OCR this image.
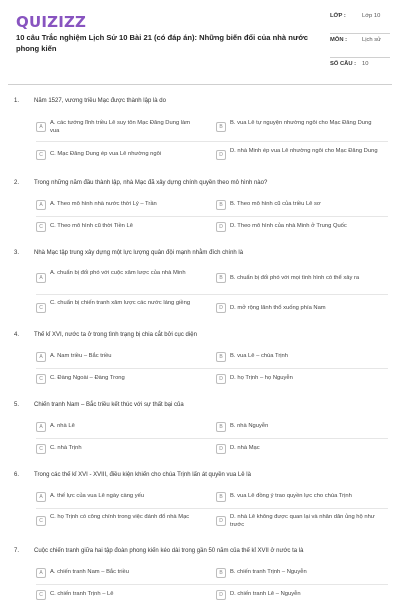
QUIZIZZ
10 câu Trắc nghiệm Lịch Sử 10 Bài 21 (có đáp án): Những biến đổi của nhà nước phong kiến
LỚP :	Lớp 10
MÔN :	Lịch sử
SỐ CÂU :	10
1. Năm 1527, vương triều Mạc được thành lập là do
A
A. các tướng lĩnh triều Lê suy tôn Mạc Đăng Dung làm vua
B
B. vua Lê tự nguyện nhường ngôi cho Mạc Đăng Dung
C	C. Mạc Đăng Dung ép vua Lê nhường ngôi	D
D. nhà Minh ép vua Lê nhường ngôi cho Mạc Đăng Dung
2. Trong những năm đầu thành lập, nhà Mạc đã xây dựng chính quyền theo mô hình nào?
A	A. Theo mô hình nhà nước thời Lý – Trần	B	B. Theo mô hình cũ của triều Lê sơ
C	C. Theo mô hình cũ thời Tiền Lê	D	D. Theo mô hình của nhà Minh ở Trung Quốc
3. Nhà Mạc tập trung xây dựng một lực lượng quân đội mạnh nhằm đích chính là
A
A. chuẩn bị đối phó với cuộc xâm lược của nhà Minh
B	B. chuẩn bị đối phó với mọi tình hình có thể xảy ra
C
C. chuẩn bị chiến tranh xâm lược các nước láng giềng
D	D. mở rộng lãnh thổ xuống phía Nam
4. Thế kỉ XVI, nước ta ở trong tình trạng bị chia cắt bởi cục diện
A	A. Nam triều – Bắc triều	B	B. vua Lê – chúa Trịnh
C	C. Đàng Ngoài – Đàng Trong	D	D. họ Trịnh – họ Nguyễn
5. Chiến tranh Nam – Bắc triều kết thúc với sự thất bại của
A	A. nhà Lê	B	B. nhà Nguyễn
C	C. nhà Trịnh	D	D. nhà Mạc
6. Trong các thế kỉ XVI - XVIII, điều kiện khiến cho chúa Trịnh lấn át quyền vua Lê là
A	A. thế lực của vua Lê ngày càng yếu	B	B. vua Lê đồng ý trao quyền lực cho chúa Trịnh
C
C. họ Trịnh có công chính trong việc đánh đổ nhà Mạc
D
D. nhà Lê không được quan lại và nhân dân ủng hộ như trước
7. Cuộc chiến tranh giữa hai tập đoàn phong kiến kéo dài trong gần 50 năm của thế kỉ XVII ở nước ta là
A	A. chiến tranh Nam – Bắc triều	B	B. chiến tranh Trịnh – Nguyễn
C	C. chiến tranh Trịnh – Lê	D	D. chiến tranh Lê – Nguyễn
